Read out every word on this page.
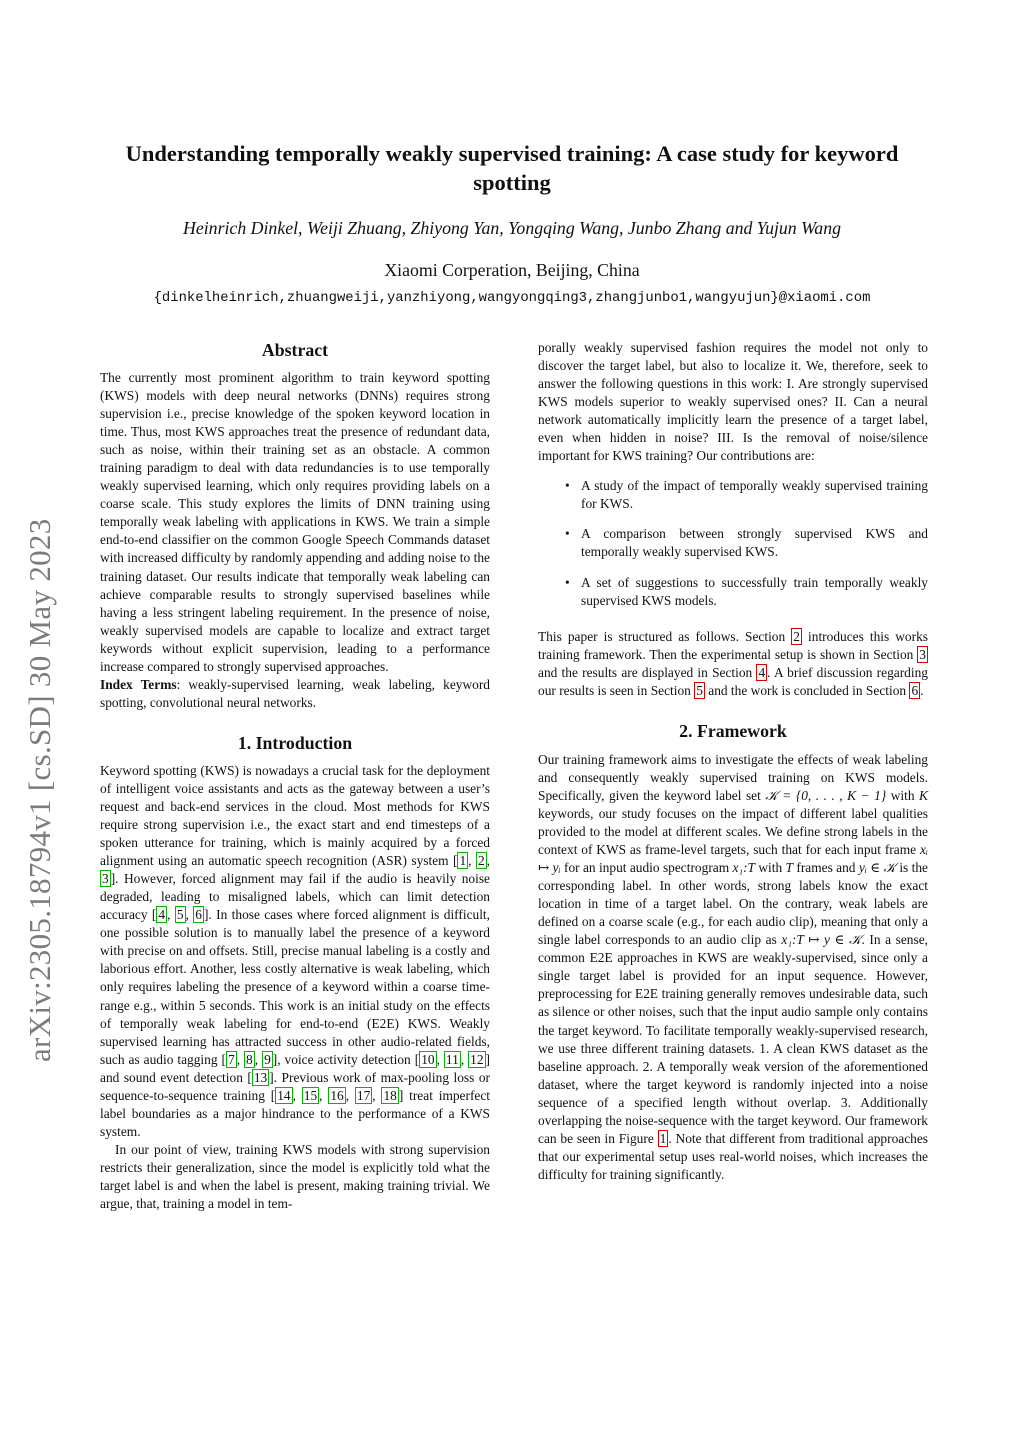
arXiv:2305.18794v1 [cs.SD] 30 May 2023
Understanding temporally weakly supervised training: A case study for keyword spotting
Heinrich Dinkel, Weiji Zhuang, Zhiyong Yan, Yongqing Wang, Junbo Zhang and Yujun Wang
Xiaomi Corperation, Beijing, China
{dinkelheinrich,zhuangweiji,yanzhiyong,wangyongqing3,zhangjunbo1,wangyujun}@xiaomi.com
Abstract

The currently most prominent algorithm to train keyword spotting (KWS) models with deep neural networks (DNNs) requires strong supervision i.e., precise knowledge of the spoken keyword location in time. Thus, most KWS approaches treat the presence of redundant data, such as noise, within their training set as an obstacle. A common training paradigm to deal with data redundancies is to use temporally weakly supervised learning, which only requires providing labels on a coarse scale. This study explores the limits of DNN training using temporally weak labeling with applications in KWS. We train a simple end-to-end classifier on the common Google Speech Commands dataset with increased difficulty by randomly appending and adding noise to the training dataset. Our results indicate that temporally weak labeling can achieve comparable results to strongly supervised baselines while having a less stringent labeling requirement. In the presence of noise, weakly supervised models are capable to localize and extract target keywords without explicit supervision, leading to a performance increase compared to strongly supervised approaches.

Index Terms: weakly-supervised learning, weak labeling, keyword spotting, convolutional neural networks.

1. Introduction

Keyword spotting (KWS) is nowadays a crucial task for the deployment of intelligent voice assistants and acts as the gateway between a user’s request and back-end services in the cloud. Most methods for KWS require strong supervision i.e., the exact start and end timesteps of a spoken utterance for training, which is mainly acquired by a forced alignment using an automatic speech recognition (ASR) system [ 1 , 2 , 3 ]. However, forced alignment may fail if the audio is heavily noise degraded, leading to misaligned labels, which can limit detection accuracy [ 4 , 5 , 6 ]. In those cases where forced alignment is difficult, one possible solution is to manually label the presence of a keyword with precise on and offsets. Still, precise manual labeling is a costly and laborious effort. Another, less costly alternative is weak labeling, which only requires labeling the presence of a keyword within a coarse time-range e.g., within 5 seconds. This work is an initial study on the effects of temporally weak labeling for end-to-end (E2E) KWS. Weakly supervised learning has attracted success in other audio-related fields, such as audio tagging [ 7 , 8 , 9 ], voice activity detection [ 10 , 11 , 12 ] and sound event detection [ 13 ]. Previous work of max-pooling loss or sequence-to-sequence training [ 14 , 15 , 16 , 17 , 18 ] treat imperfect label boundaries as a major hindrance to the performance of a KWS system.

In our point of view, training KWS models with strong supervision restricts their generalization, since the model is explicitly told what the target label is and when the label is present, making training trivial. We argue, that, training a model in tem-

porally weakly supervised fashion requires the model not only to discover the target label, but also to localize it. We, therefore, seek to answer the following questions in this work: I. Are strongly supervised KWS models superior to weakly supervised ones? II. Can a neural network automatically implicitly learn the presence of a target label, even when hidden in noise? III. Is the removal of noise/silence important for KWS training? Our contributions are:

• A study of the impact of temporally weakly supervised training for KWS.
• A comparison between strongly supervised KWS and temporally weakly supervised KWS.
• A set of suggestions to successfully train temporally weakly supervised KWS models.

This paper is structured as follows. Section 2 introduces this works training framework. Then the experimental setup is shown in Section 3 and the results are displayed in Section 4 . A brief discussion regarding our results is seen in Section 5 and the work is concluded in Section 6 .

2. Framework

Our training framework aims to investigate the effects of weak labeling and consequently weakly supervised training on KWS models. Specifically, given the keyword label set 𝒦 = {0, . . . , K − 1} with K keywords, our study focuses on the impact of different label qualities provided to the model at different scales. We define strong labels in the context of KWS as frame-level targets, such that for each input frame xᵢ ↦ yᵢ for an input audio spectrogram x₁:T with T frames and yᵢ ∈ 𝒦 is the corresponding label. In other words, strong labels know the exact location in time of a target label. On the contrary, weak labels are defined on a coarse scale (e.g., for each audio clip), meaning that only a single label corresponds to an audio clip as x₁:T ↦ y ∈ 𝒦. In a sense, common E2E approaches in KWS are weakly-supervised, since only a single target label is provided for an input sequence. However, preprocessing for E2E training generally removes undesirable data, such as silence or other noises, such that the input audio sample only contains the target keyword. To facilitate temporally weakly-supervised research, we use three different training datasets. 1. A clean KWS dataset as the baseline approach. 2. A temporally weak version of the aforementioned dataset, where the target keyword is randomly injected into a noise sequence of a specified length without overlap. 3. Additionally overlapping the noise-sequence with the target keyword. Our framework can be seen in Figure 1 . Note that different from traditional approaches that our experimental setup uses real-world noises, which increases the difficulty for training significantly.
